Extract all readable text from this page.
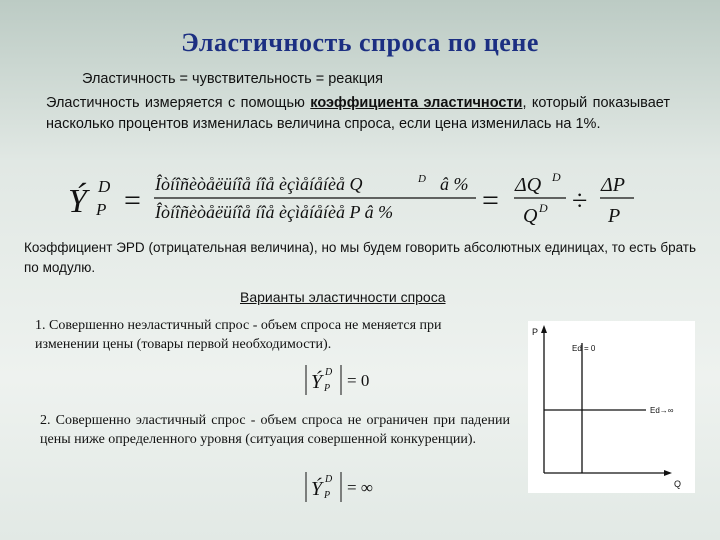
Эластичность спроса по цене

Эластичность = чувствительность = реакция

Эластичность измеряется с помощью коэффициента эластичности, который показывает насколько процентов изменилась величина спроса, если цена изменилась на 1%.

Ý D
P = Îòíîñèòåëüíîå íîå èçìåíåíèå Q	D â %
Îòíîñèòåëüíîå íîå èçìåíåíèå P â %	= ΔQ D
Q D ÷
ΔP
P

Коэффициент ЭPD (отрицательная величина), но мы будем говорить абсолютных единицах, то есть брать по модулю.

Варианты эластичности спроса

1. Совершенно неэластичный спрос - объем спроса не меняется при изменении цены (товары первой необходимости).

Ý D
P = 0

2. Совершенно эластичный спрос - объем спроса не ограничен при падении цены ниже определенного уровня (ситуация совершенной конкуренции).

Ý D
P = ∞
P
Q
Ed = 0
Ed→∞
